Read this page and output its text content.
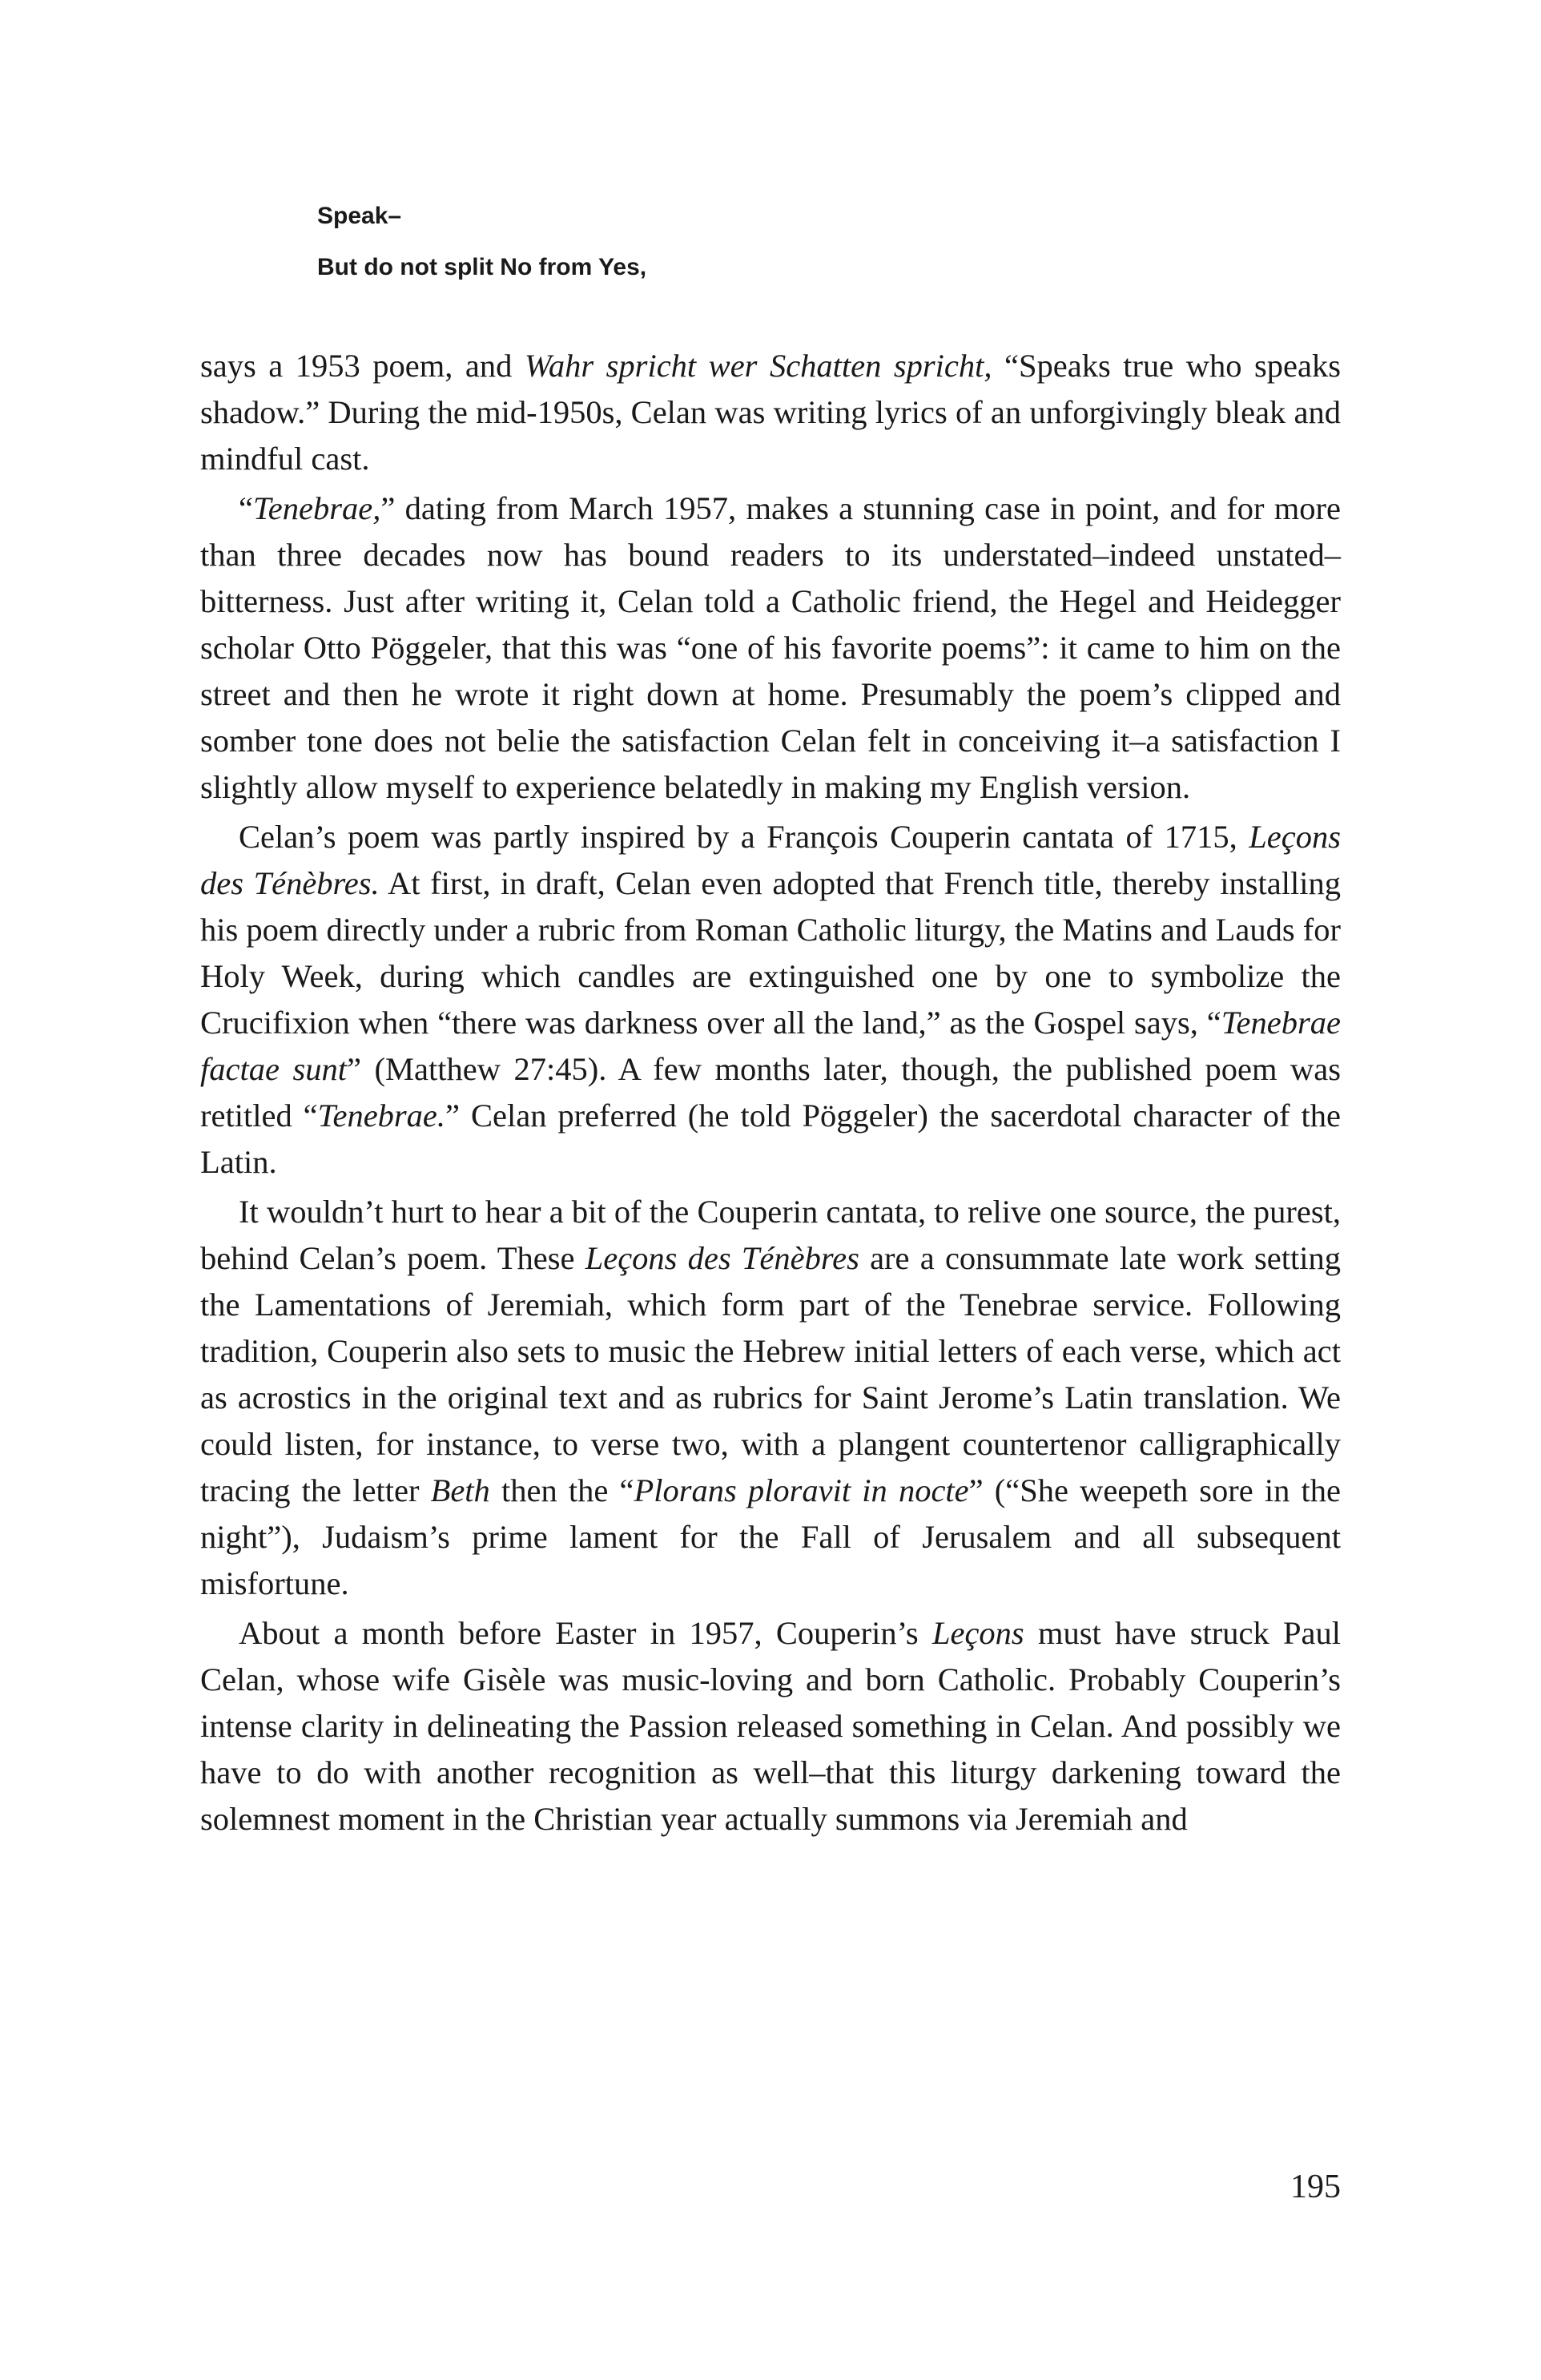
Speak–
But do not split No from Yes,

says a 1953 poem, and Wahr spricht wer Schatten spricht, “Speaks true who speaks shadow.” During the mid-1950s, Celan was writing lyrics of an unforgivingly bleak and mindful cast.

“Tenebrae,” dating from March 1957, makes a stunning case in point, and for more than three decades now has bound readers to its understated–indeed unstated–bitterness. Just after writing it, Celan told a Catholic friend, the Hegel and Heidegger scholar Otto Pöggeler, that this was “one of his favorite poems”: it came to him on the street and then he wrote it right down at home. Presumably the poem’s clipped and somber tone does not belie the satisfaction Celan felt in conceiving it–a satisfaction I slightly allow myself to experience belatedly in making my English version.

Celan’s poem was partly inspired by a François Couperin cantata of 1715, Leçons des Ténèbres. At first, in draft, Celan even adopted that French title, thereby installing his poem directly under a rubric from Roman Catholic liturgy, the Matins and Lauds for Holy Week, during which candles are extinguished one by one to symbolize the Crucifixion when “there was darkness over all the land,” as the Gospel says, “Tenebrae factae sunt” (Matthew 27:45). A few months later, though, the published poem was retitled “Tenebrae.” Celan preferred (he told Pöggeler) the sacerdotal character of the Latin.

It wouldn’t hurt to hear a bit of the Couperin cantata, to relive one source, the purest, behind Celan’s poem. These Leçons des Ténèbres are a consummate late work setting the Lamentations of Jeremiah, which form part of the Tenebrae service. Following tradition, Couperin also sets to music the Hebrew initial letters of each verse, which act as acrostics in the original text and as rubrics for Saint Jerome’s Latin translation. We could listen, for instance, to verse two, with a plangent countertenor calligraphically tracing the letter Beth then the “Plorans ploravit in nocte” (“She weepeth sore in the night”), Judaism’s prime lament for the Fall of Jerusalem and all subsequent misfortune.

About a month before Easter in 1957, Couperin’s Leçons must have struck Paul Celan, whose wife Gisèle was music-loving and born Catholic. Probably Couperin’s intense clarity in delineating the Passion released something in Celan. And possibly we have to do with another recognition as well–that this liturgy darkening toward the solemnest moment in the Christian year actually summons via Jeremiah and

195
